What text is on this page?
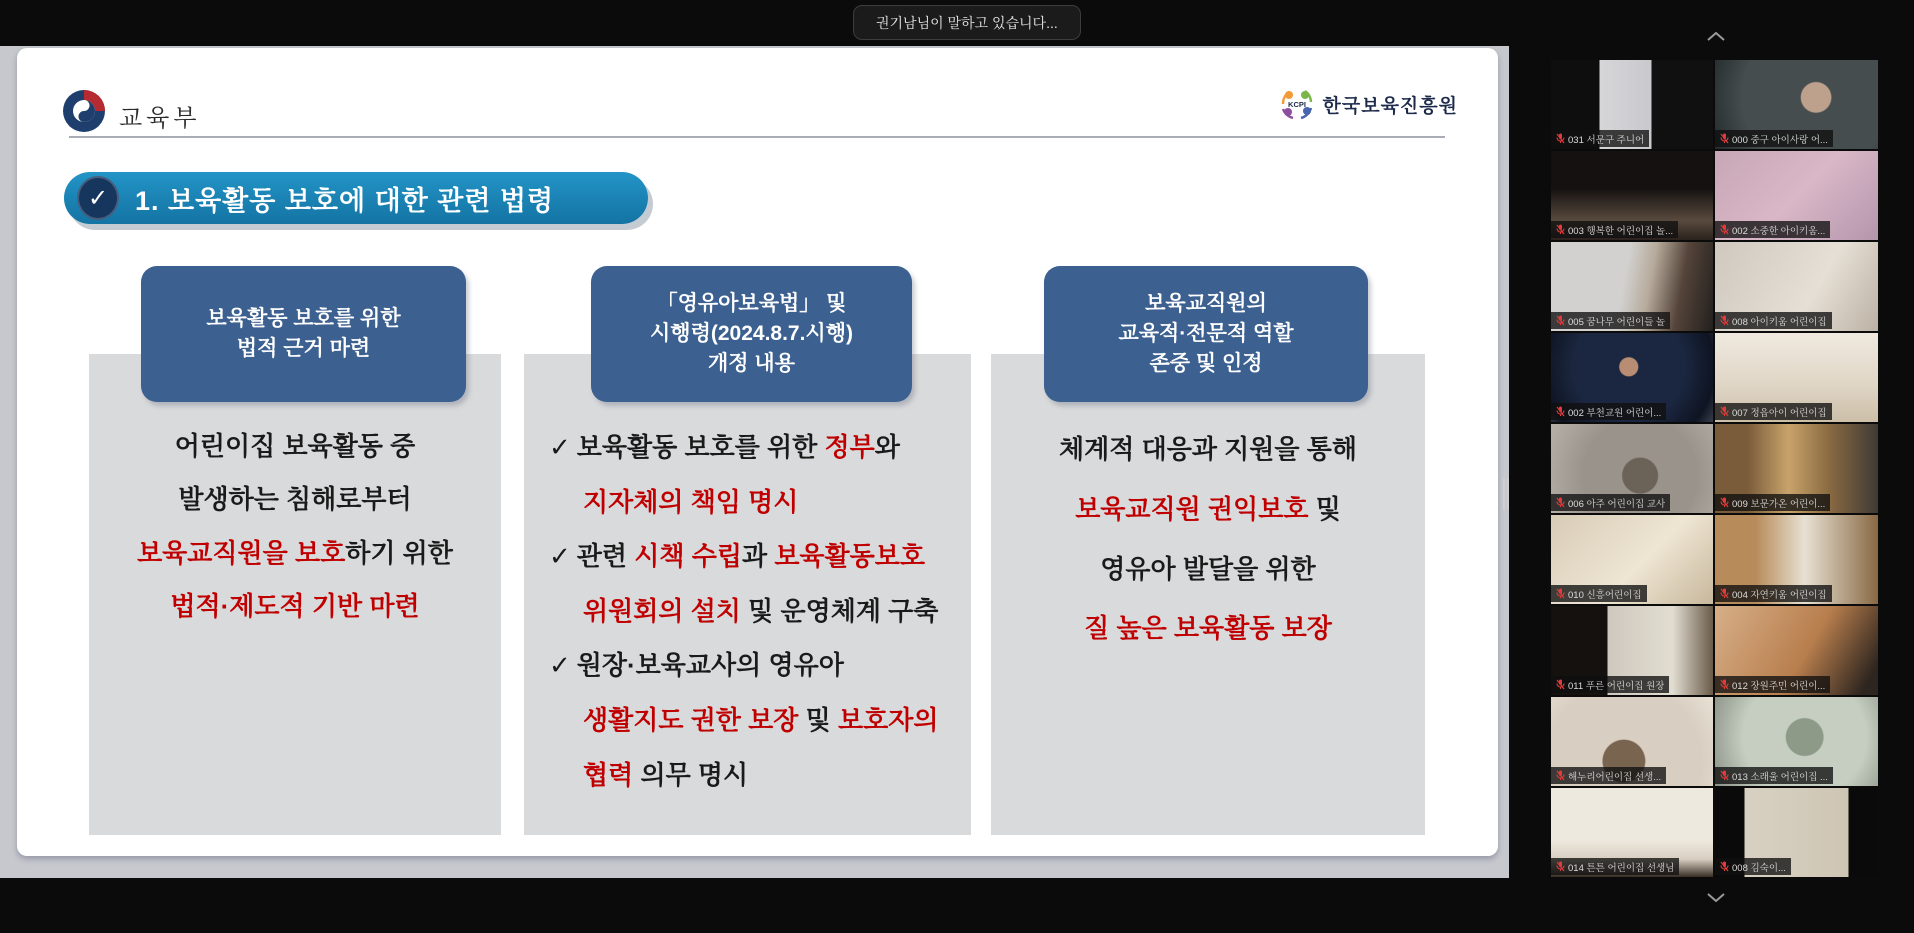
권기남님이 말하고 있습니다...
교육부
KCPI 한국보육진흥원
✓ 1. 보육활동 보호에 대한 관련 법령
보육활동 보호를 위한
법적 근거 마련
「영유아보육법」 및
시행령(2024.8.7.시행)
개정 내용
보육교직원의
교육적·전문적 역할
존중 및 인정
어린이집 보육활동 중
발생하는 침해로부터
보육교직원을 보호하기 위한
법적·제도적 기반 마련
✓ 보육활동 보호를 위한 정부와
지자체의 책임 명시
✓ 관련 시책 수립과 보육활동보호
위원회의 설치 및 운영체계 구축
✓ 원장·보육교사의 영유아
생활지도 권한 보장 및 보호자의
협력 의무 명시
체계적 대응과 지원을 통해
보육교직원 권익보호 및
영유아 발달을 위한
질 높은 보육활동 보장
031 서문구 주니어	000 중구 아이사랑 어...
003 행복한 어린이집 놀...	002 소중한 아이키움...
005 꿈나무 어린이들 놀	008 아이키움 어린이집
002 부천교원 어린이...	007 정읍아이 어린이집
006 아주 어린이집 교사	009 보문가온 어린이...
010 신흥어린이집	004 자연키움 어린이집
011 푸른 어린이집 원장	012 장원주민 어린이...
해누리어린이집 선생...	013 소래울 어린이집 ...
014 튼튼 어린이집 선생님	008 김숙이...
